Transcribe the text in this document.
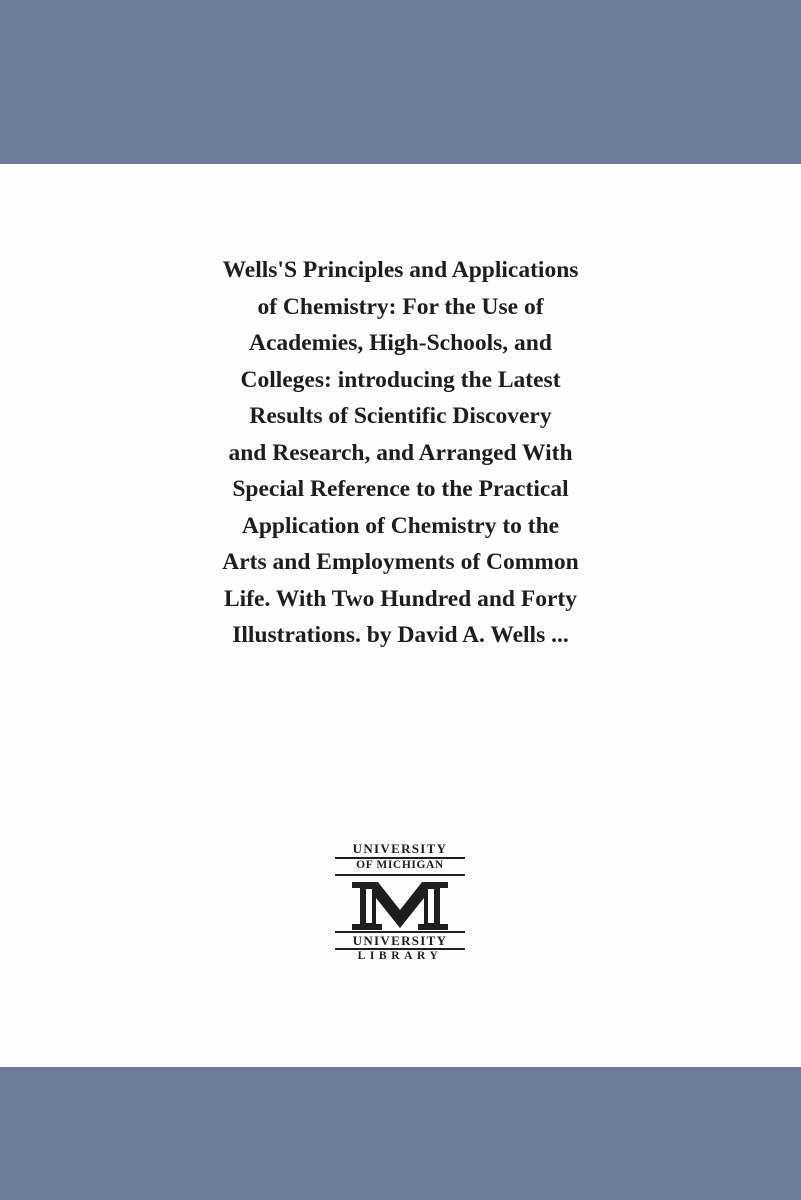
Wells'S Principles and Applications
of Chemistry: For the Use of
Academies, High-Schools, and
Colleges: introducing the Latest
Results of Scientific Discovery
and Research, and Arranged With
Special Reference to the Practical
Application of Chemistry to the
Arts and Employments of Common
Life. With Two Hundred and Forty
Illustrations. by David A. Wells ...
UNIVERSITY
OF MICHIGAN
UNIVERSITY
LIBRARY
